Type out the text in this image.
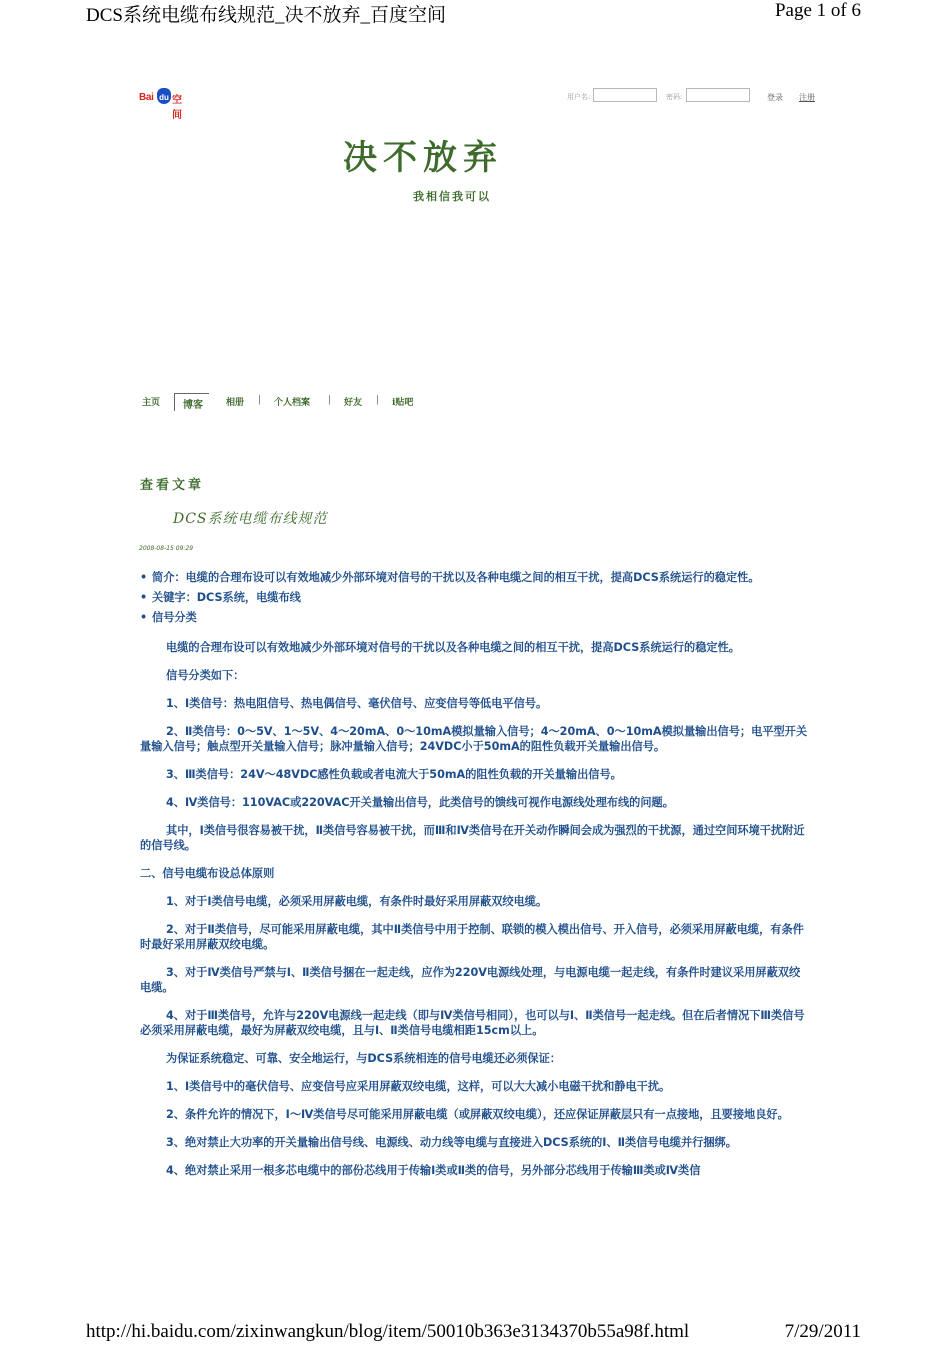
DCS系统电缆布线规范_决不放弃_百度空间	Page 1 of 6
Bai du 空间
用户名:	密码:	登录 注册
决不放弃
我相信我可以
主页	博客	相册 | 个人档案 | 好友 | i贴吧
查看文章
DCS系统电缆布线规范
2008-08-15 09:29

• 简介：电缆的合理布设可以有效地减少外部环境对信号的干扰以及各种电缆之间的相互干扰，提高DCS系统运行的稳定性。

• 关键字：DCS系统，电缆布线

• 信号分类

电缆的合理布设可以有效地减少外部环境对信号的干扰以及各种电缆之间的相互干扰，提高DCS系统运行的稳定性。

信号分类如下：

1、Ⅰ类信号：热电阻信号、热电偶信号、毫伏信号、应变信号等低电平信号。

2、Ⅱ类信号：0～5V、1～5V、4～20mA、0～10mA模拟量输入信号；4～20mA、0～10mA模拟量输出信号；电平型开关量输入信号；触点型开关量输入信号；脉冲量输入信号；24VDC小于50mA的阻性负载开关量输出信号。

3、Ⅲ类信号：24V～48VDC感性负载或者电流大于50mA的阻性负载的开关量输出信号。

4、Ⅳ类信号：110VAC或220VAC开关量输出信号，此类信号的馈线可视作电源线处理布线的问题。

其中，Ⅰ类信号很容易被干扰，Ⅱ类信号容易被干扰，而Ⅲ和Ⅳ类信号在开关动作瞬间会成为强烈的干扰源，通过空间环境干扰附近的信号线。

二、信号电缆布设总体原则

1、对于Ⅰ类信号电缆，必须采用屏蔽电缆，有条件时最好采用屏蔽双绞电缆。

2、对于Ⅱ类信号，尽可能采用屏蔽电缆，其中Ⅱ类信号中用于控制、联锁的模入模出信号、开入信号，必须采用屏蔽电缆，有条件时最好采用屏蔽双绞电缆。

3、对于Ⅳ类信号严禁与Ⅰ、Ⅱ类信号捆在一起走线，应作为220V电源线处理，与电源电缆一起走线，有条件时建议采用屏蔽双绞电缆。

4、对于Ⅲ类信号，允许与220V电源线一起走线（即与Ⅳ类信号相同），也可以与Ⅰ、Ⅱ类信号一起走线。但在后者情况下Ⅲ类信号必须采用屏蔽电缆，最好为屏蔽双绞电缆，且与Ⅰ、Ⅱ类信号电缆相距15cm以上。

为保证系统稳定、可靠、安全地运行，与DCS系统相连的信号电缆还必须保证：

1、Ⅰ类信号中的毫伏信号、应变信号应采用屏蔽双绞电缆，这样，可以大大减小电磁干扰和静电干扰。

2、条件允许的情况下，Ⅰ～Ⅳ类信号尽可能采用屏蔽电缆（或屏蔽双绞电缆），还应保证屏蔽层只有一点接地，且要接地良好。

3、绝对禁止大功率的开关量输出信号线、电源线、动力线等电缆与直接进入DCS系统的Ⅰ、Ⅱ类信号电缆并行捆绑。

4、绝对禁止采用一根多芯电缆中的部份芯线用于传输Ⅰ类或Ⅱ类的信号，另外部分芯线用于传输Ⅲ类或Ⅳ类信

http://hi.baidu.com/zixinwangkun/blog/item/50010b363e3134370b55a98f.html	7/29/2011
